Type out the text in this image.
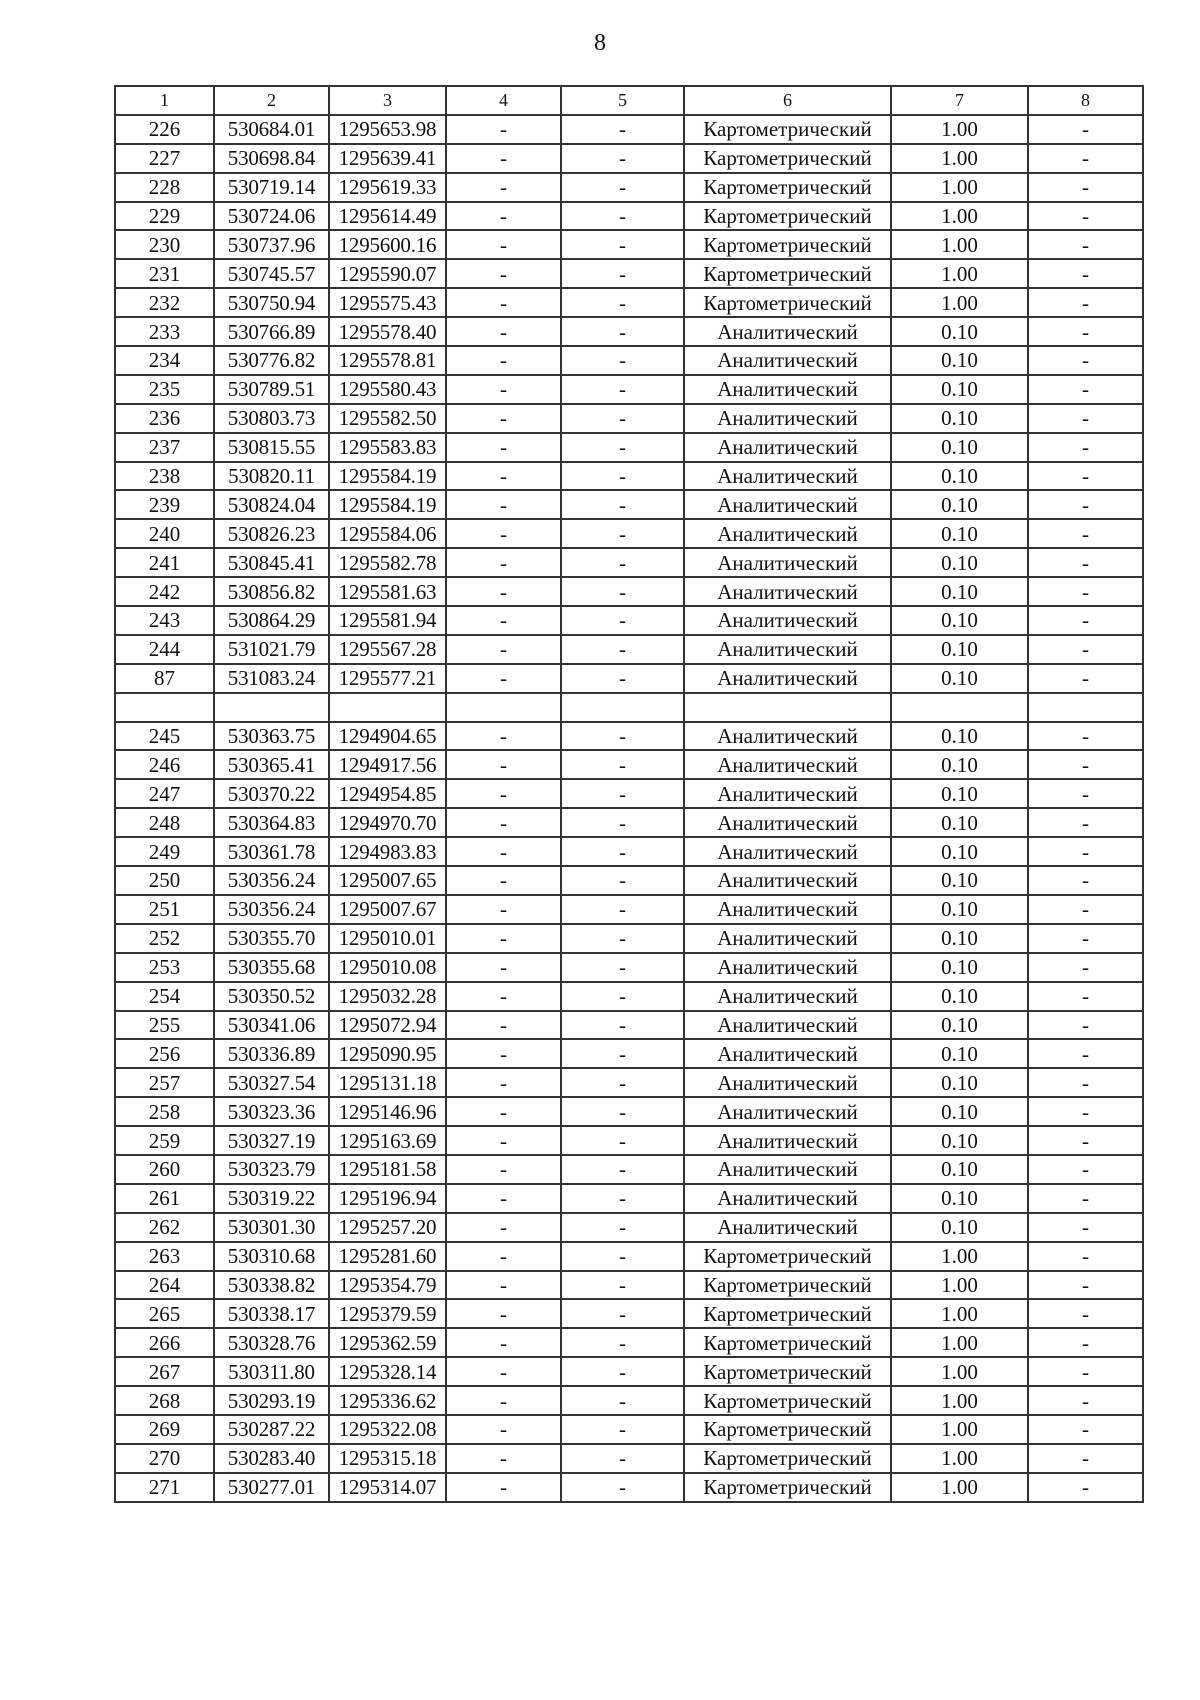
8
1	2	3	4	5	6	7	8
226	530684.01	1295653.98	-	-	Картометрический	1.00	-
227	530698.84	1295639.41	-	-	Картометрический	1.00	-
228	530719.14	1295619.33	-	-	Картометрический	1.00	-
229	530724.06	1295614.49	-	-	Картометрический	1.00	-
230	530737.96	1295600.16	-	-	Картометрический	1.00	-
231	530745.57	1295590.07	-	-	Картометрический	1.00	-
232	530750.94	1295575.43	-	-	Картометрический	1.00	-
233	530766.89	1295578.40	-	-	Аналитический	0.10	-
234	530776.82	1295578.81	-	-	Аналитический	0.10	-
235	530789.51	1295580.43	-	-	Аналитический	0.10	-
236	530803.73	1295582.50	-	-	Аналитический	0.10	-
237	530815.55	1295583.83	-	-	Аналитический	0.10	-
238	530820.11	1295584.19	-	-	Аналитический	0.10	-
239	530824.04	1295584.19	-	-	Аналитический	0.10	-
240	530826.23	1295584.06	-	-	Аналитический	0.10	-
241	530845.41	1295582.78	-	-	Аналитический	0.10	-
242	530856.82	1295581.63	-	-	Аналитический	0.10	-
243	530864.29	1295581.94	-	-	Аналитический	0.10	-
244	531021.79	1295567.28	-	-	Аналитический	0.10	-
87	531083.24	1295577.21	-	-	Аналитический	0.10	-

245	530363.75	1294904.65	-	-	Аналитический	0.10	-
246	530365.41	1294917.56	-	-	Аналитический	0.10	-
247	530370.22	1294954.85	-	-	Аналитический	0.10	-
248	530364.83	1294970.70	-	-	Аналитический	0.10	-
249	530361.78	1294983.83	-	-	Аналитический	0.10	-
250	530356.24	1295007.65	-	-	Аналитический	0.10	-
251	530356.24	1295007.67	-	-	Аналитический	0.10	-
252	530355.70	1295010.01	-	-	Аналитический	0.10	-
253	530355.68	1295010.08	-	-	Аналитический	0.10	-
254	530350.52	1295032.28	-	-	Аналитический	0.10	-
255	530341.06	1295072.94	-	-	Аналитический	0.10	-
256	530336.89	1295090.95	-	-	Аналитический	0.10	-
257	530327.54	1295131.18	-	-	Аналитический	0.10	-
258	530323.36	1295146.96	-	-	Аналитический	0.10	-
259	530327.19	1295163.69	-	-	Аналитический	0.10	-
260	530323.79	1295181.58	-	-	Аналитический	0.10	-
261	530319.22	1295196.94	-	-	Аналитический	0.10	-
262	530301.30	1295257.20	-	-	Аналитический	0.10	-
263	530310.68	1295281.60	-	-	Картометрический	1.00	-
264	530338.82	1295354.79	-	-	Картометрический	1.00	-
265	530338.17	1295379.59	-	-	Картометрический	1.00	-
266	530328.76	1295362.59	-	-	Картометрический	1.00	-
267	530311.80	1295328.14	-	-	Картометрический	1.00	-
268	530293.19	1295336.62	-	-	Картометрический	1.00	-
269	530287.22	1295322.08	-	-	Картометрический	1.00	-
270	530283.40	1295315.18	-	-	Картометрический	1.00	-
271	530277.01	1295314.07	-	-	Картометрический	1.00	-
